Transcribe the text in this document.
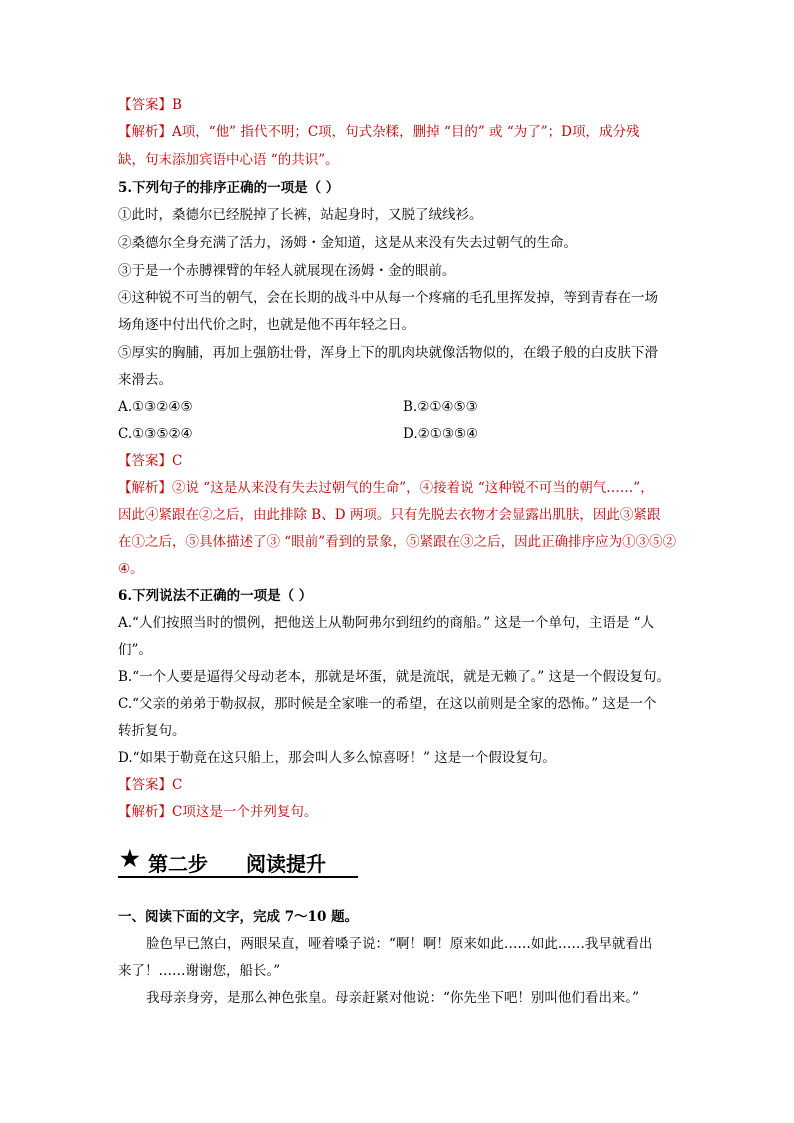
【答案】B
【解析】A项，“他” 指代不明；C项，句式杂糅，删掉 “目的” 或 “为了”；D项，成分残
缺，句末添加宾语中心语 “的共识”。
5.下列句子的排序正确的一项是（ ）
①此时，桑德尔已经脱掉了长裤，站起身时，又脱了绒线衫。
②桑德尔全身充满了活力，汤姆・金知道，这是从来没有失去过朝气的生命。
③于是一个赤膊裸臂的年轻人就展现在汤姆・金的眼前。
④这种锐不可当的朝气，会在长期的战斗中从每一个疼痛的毛孔里挥发掉，等到青春在一场
场角逐中付出代价之时，也就是他不再年轻之日。
⑤厚实的胸脯，再加上强筋壮骨，浑身上下的肌肉块就像活物似的，在缎子般的白皮肤下滑
来滑去。
A.①③②④⑤	B.②①④⑤③
C.①③⑤②④	D.②①③⑤④
【答案】C
【解析】②说 “这是从来没有失去过朝气的生命”，④接着说 “这种锐不可当的朝气……”，
因此④紧跟在②之后，由此排除 B、D 两项。只有先脱去衣物才会显露出肌肤，因此③紧跟
在①之后，⑤具体描述了③ “眼前”看到的景象，⑤紧跟在③之后，因此正确排序应为①③⑤②
④。
6.下列说法不正确的一项是（ ）
A.“人们按照当时的惯例，把他送上从勒阿弗尔到纽约的商船。” 这是一个单句，主语是 “人
们”。
B.“一个人要是逼得父母动老本，那就是坏蛋，就是流氓，就是无赖了。” 这是一个假设复句。
C.“父亲的弟弟于勒叔叔，那时候是全家唯一的希望，在这以前则是全家的恐怖。” 这是一个
转折复句。
D.“如果于勒竟在这只船上，那会叫人多么惊喜呀！” 这是一个假设复句。
【答案】C
【解析】C项这是一个并列复句。
★ 第二步 阅读提升
一、阅读下面的文字，完成 7～10 题。
脸色早已煞白，两眼呆直，哑着嗓子说：“啊！啊！原来如此……如此……我早就看出
来了！……谢谢您，船长。”
我母亲身旁，是那么神色张皇。母亲赶紧对他说：“你先坐下吧！别叫他们看出来。”
